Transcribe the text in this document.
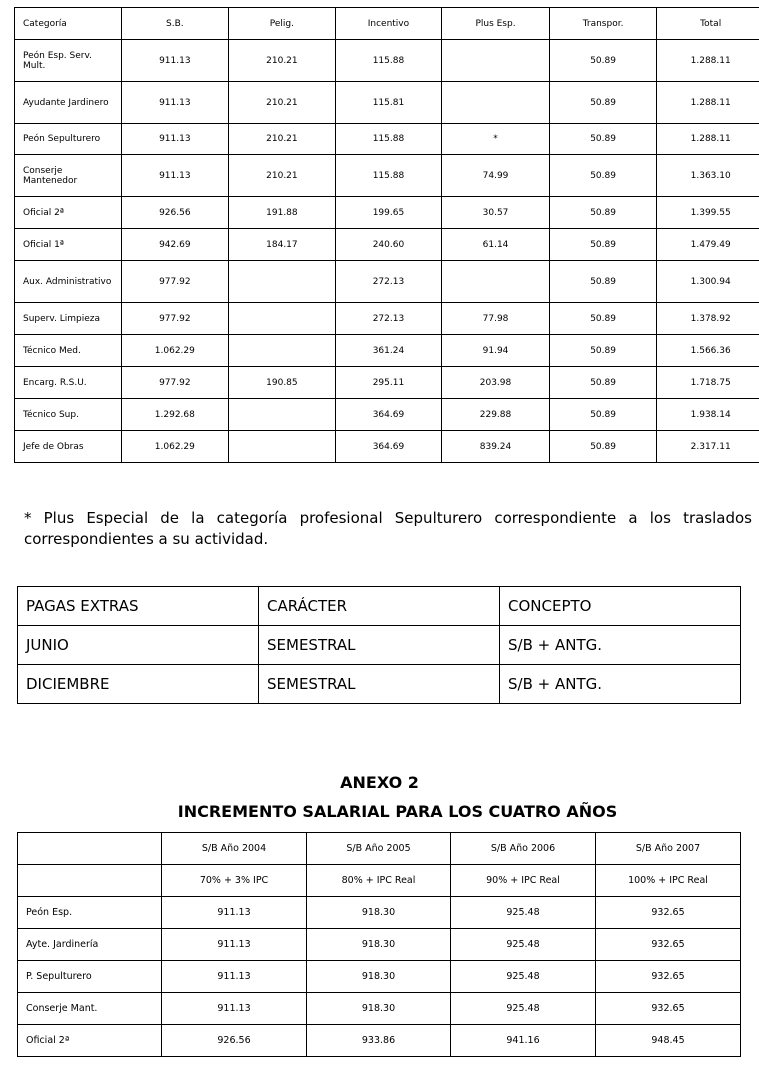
Categoría	S.B.	Pelig.	Incentivo	Plus Esp.	Transpor.	Total
Peón Esp. Serv. Mult.	911.13	210.21	115.88		50.89	1.288.11
Ayudante Jardinero	911.13	210.21	115.81		50.89	1.288.11
Peón Sepulturero	911.13	210.21	115.88	*	50.89	1.288.11
Conserje Mantenedor	911.13	210.21	115.88	74.99	50.89	1.363.10
Oficial 2ª	926.56	191.88	199.65	30.57	50.89	1.399.55
Oficial 1ª	942.69	184.17	240.60	61.14	50.89	1.479.49
Aux. Administrativo	977.92		272.13		50.89	1.300.94
Superv. Limpieza	977.92		272.13	77.98	50.89	1.378.92
Técnico Med.	1.062.29		361.24	91.94	50.89	1.566.36
Encarg. R.S.U.	977.92	190.85	295.11	203.98	50.89	1.718.75
Técnico Sup.	1.292.68		364.69	229.88	50.89	1.938.14
Jefe de Obras	1.062.29		364.69	839.24	50.89	2.317.11
* Plus Especial de la categoría profesional Sepulturero correspondiente a los traslados correspondientes a su actividad.
PAGAS EXTRAS	CARÁCTER	CONCEPTO
JUNIO	SEMESTRAL	S/B + ANTG.
DICIEMBRE	SEMESTRAL	S/B + ANTG.
ANEXO 2
INCREMENTO SALARIAL PARA LOS CUATRO AÑOS
	S/B Año 2004	S/B Año 2005	S/B Año 2006	S/B Año 2007
	70% + 3% IPC	80% + IPC Real	90% + IPC Real	100% + IPC Real
Peón Esp.	911.13	918.30	925.48	932.65
Ayte. Jardinería	911.13	918.30	925.48	932.65
P. Sepulturero	911.13	918.30	925.48	932.65
Conserje Mant.	911.13	918.30	925.48	932.65
Oficial 2ª	926.56	933.86	941.16	948.45
